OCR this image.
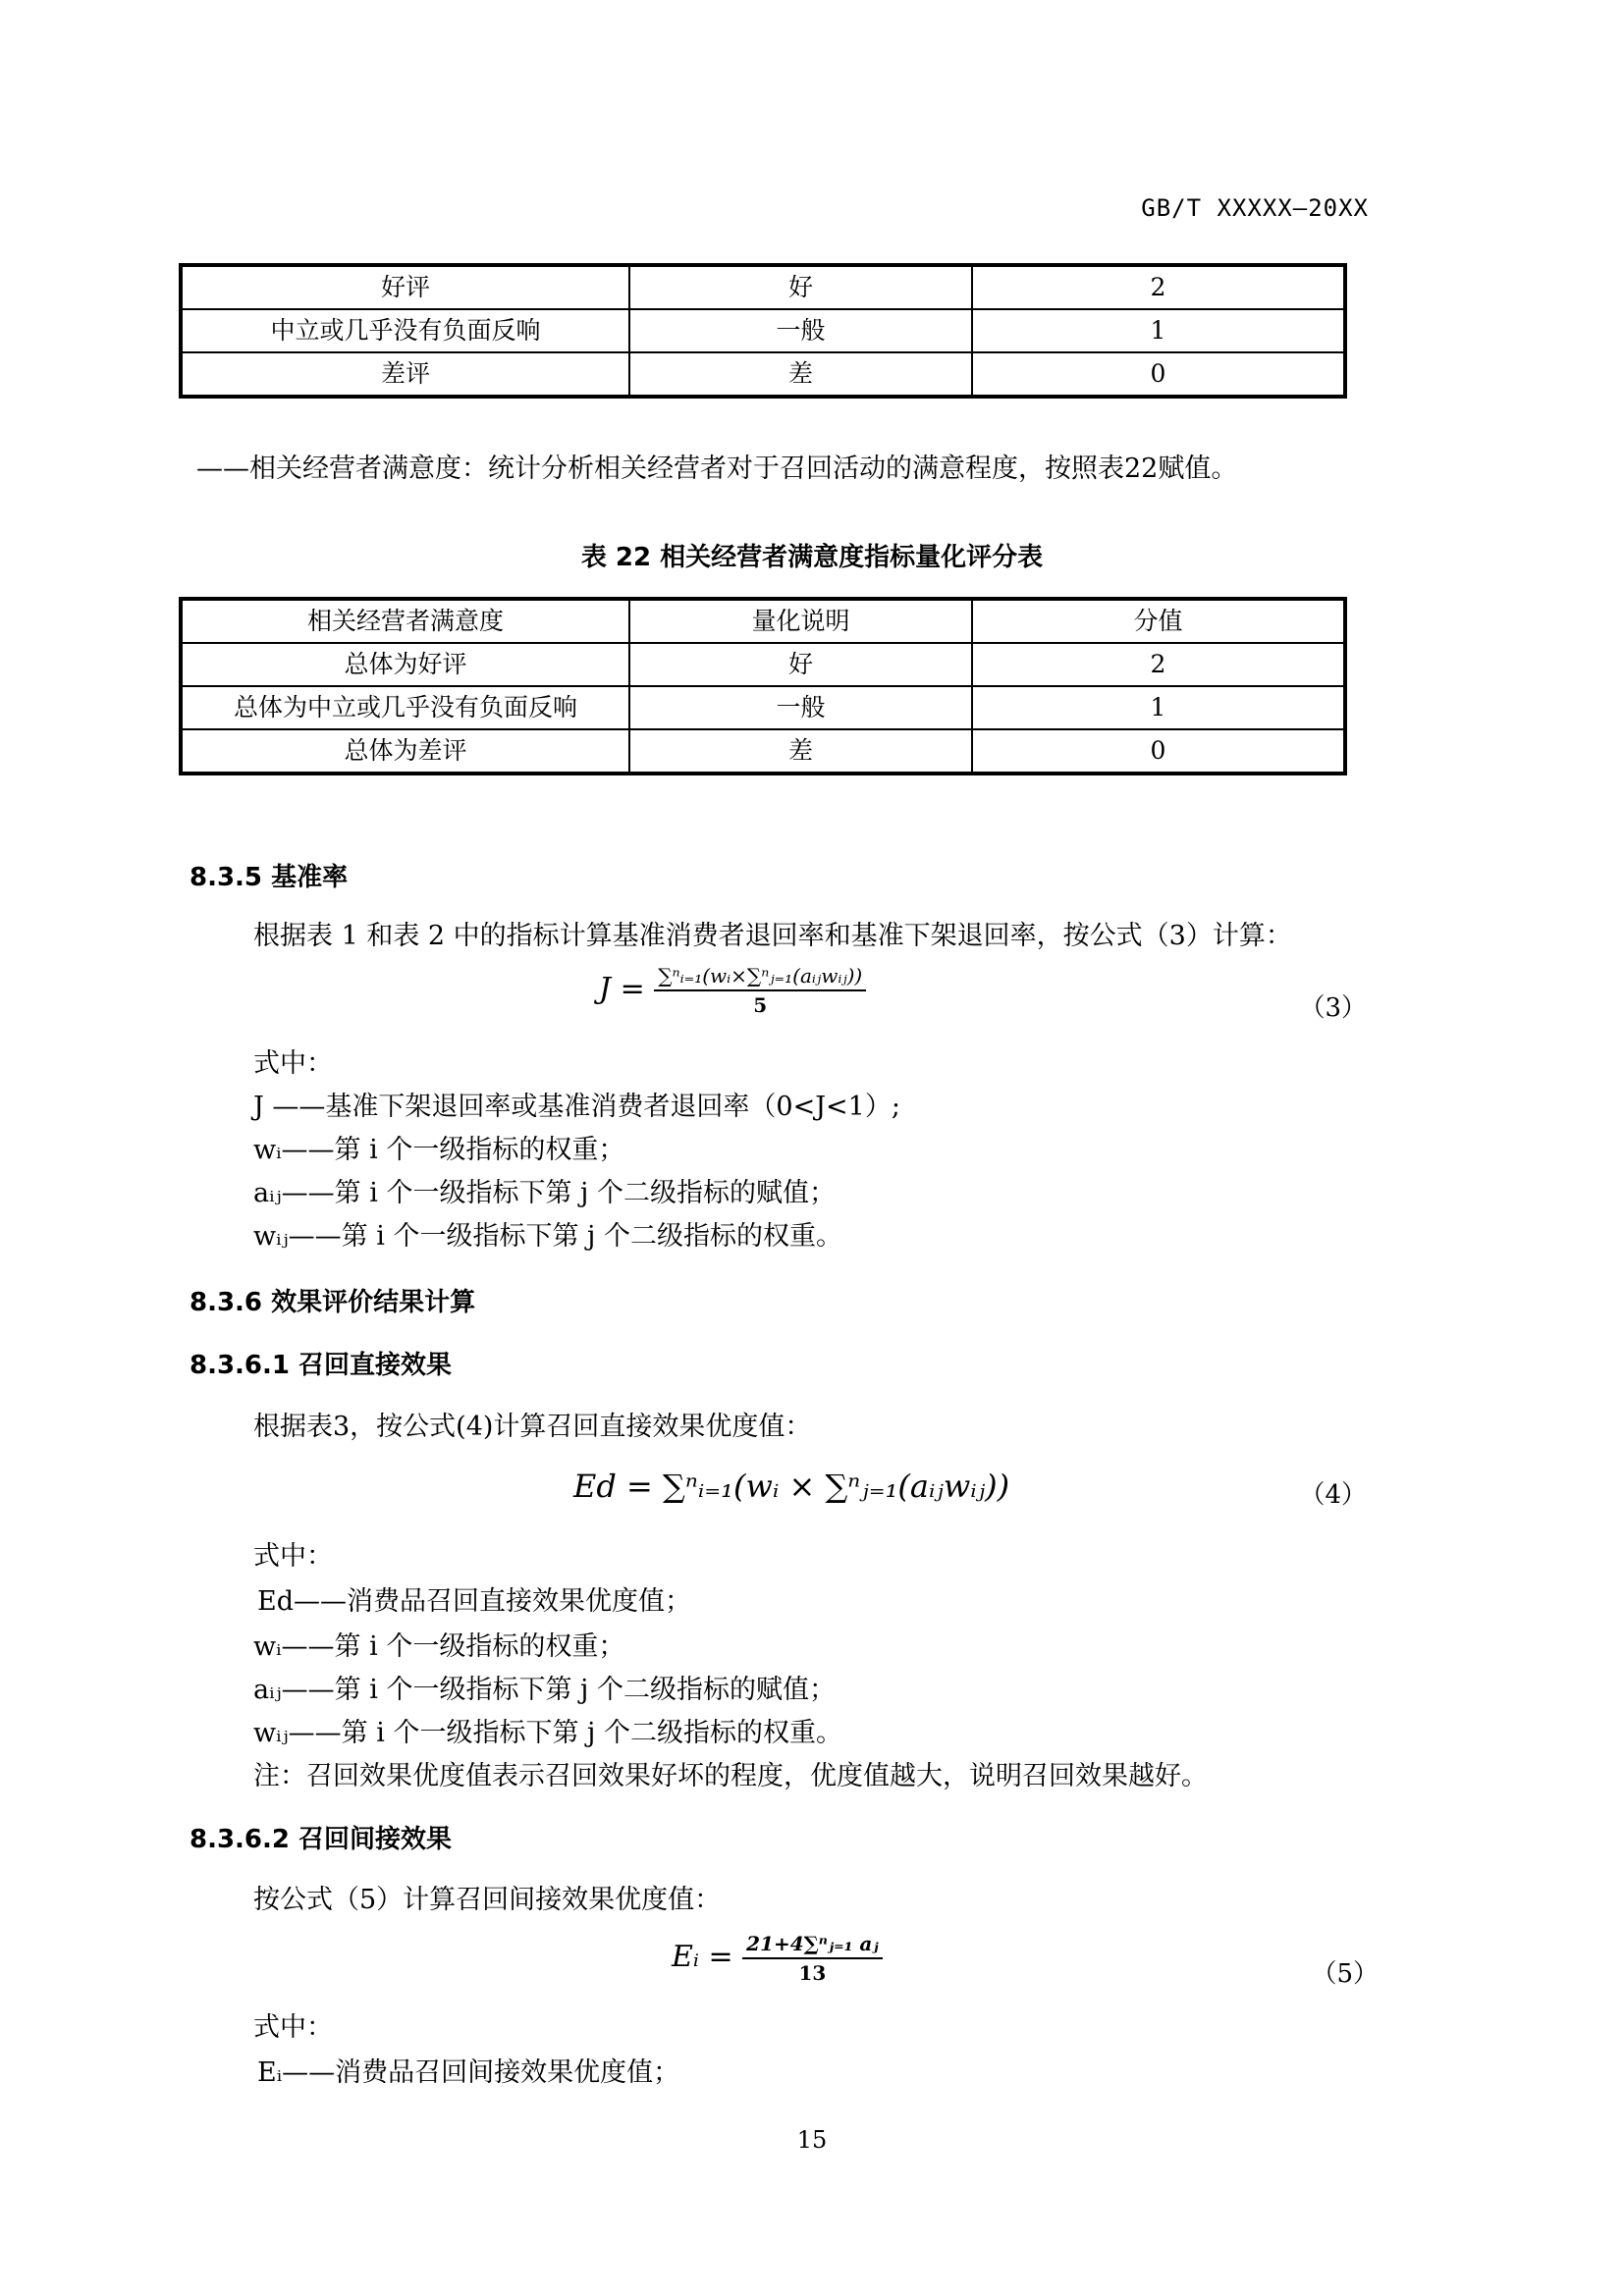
GB/T XXXXX—20XX
好评	好	2
中立或几乎没有负面反响	一般	1
差评	差	0
——相关经营者满意度：统计分析相关经营者对于召回活动的满意程度，按照表22赋值。
表 22 相关经营者满意度指标量化评分表
相关经营者满意度	量化说明	分值
总体为好评	好	2
总体为中立或几乎没有负面反响	一般	1
总体为差评	差	0
8.3.5 基准率
根据表 1 和表 2 中的指标计算基准消费者退回率和基准下架退回率，按公式（3）计算：
$J = \frac{\text{∑ⁿᵢ₌₁(wᵢ×∑ⁿⱼ₌₁(aᵢⱼwᵢⱼ))}}{5}$	（3）
式中：
J ——基准下架退回率或基准消费者退回率（0<J<1）;
wᵢ——第 i 个一级指标的权重；
aᵢⱼ——第 i 个一级指标下第 j 个二级指标的赋值；
wᵢⱼ——第 i 个一级指标下第 j 个二级指标的权重。
8.3.6 效果评价结果计算
8.3.6.1 召回直接效果
根据表3，按公式(4)计算召回直接效果优度值：
Ed = ∑ⁿᵢ₌₁(wᵢ × ∑ⁿⱼ₌₁(aᵢⱼwᵢⱼ))	（4）
式中：
Ed——消费品召回直接效果优度值；
wᵢ——第 i 个一级指标的权重；
aᵢⱼ——第 i 个一级指标下第 j 个二级指标的赋值；
wᵢⱼ——第 i 个一级指标下第 j 个二级指标的权重。
注：召回效果优度值表示召回效果好坏的程度，优度值越大，说明召回效果越好。
8.3.6.2 召回间接效果
按公式（5）计算召回间接效果优度值：
Eᵢ = $\frac{\text{21+4∑ⁿⱼ₌₁ aⱼ}}{13}$	（5）
式中：
Eᵢ——消费品召回间接效果优度值；
15
